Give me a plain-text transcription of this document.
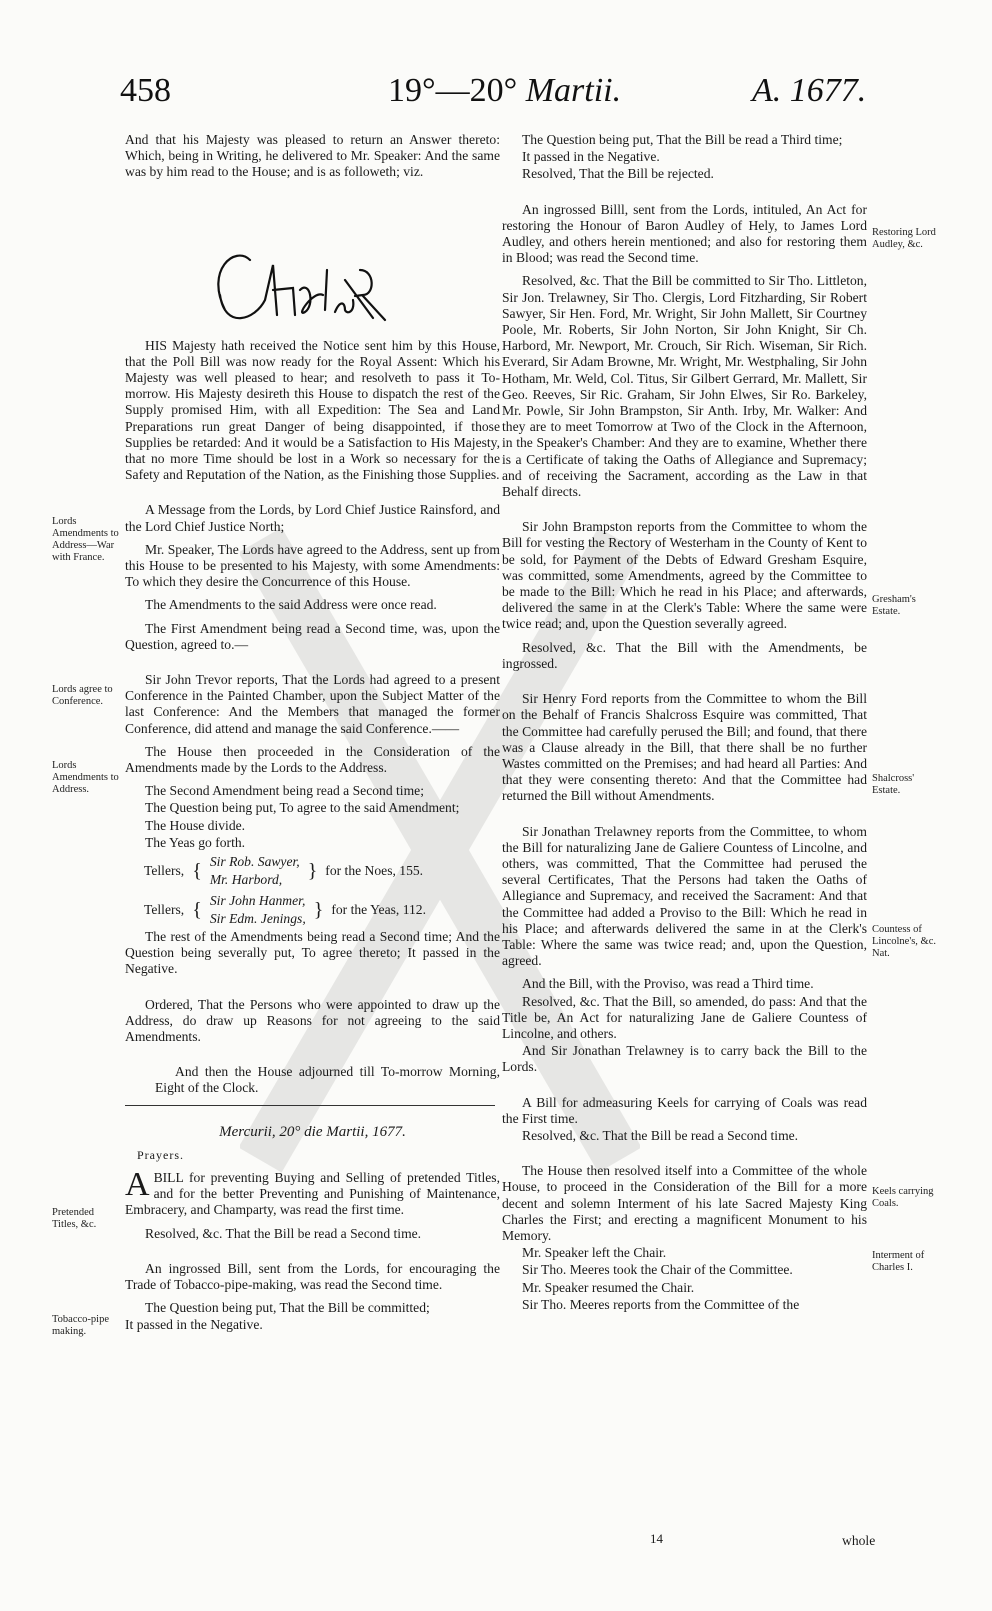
458	19°—20° Martii.	A. 1677.

And that his Majesty was pleased to return an Answer thereto: Which, being in Writing, he delivered to Mr. Speaker: And the same was by him read to the House; and is as followeth; viz.

HIS Majesty hath received the Notice sent him by this House, that the Poll Bill was now ready for the Royal Assent: Which his Majesty was well pleased to hear; and resolveth to pass it To-morrow. His Majesty desireth this House to dispatch the rest of the Supply promised Him, with all Expedition: The Sea and Land Preparations run great Danger of being disappointed, if those Supplies be retarded: And it would be a Satisfaction to His Majesty, that no more Time should be lost in a Work so necessary for the Safety and Reputation of the Nation, as the Finishing those Supplies.

A Message from the Lords, by Lord Chief Justice Rainsford, and the Lord Chief Justice North;

Mr. Speaker, The Lords have agreed to the Address, sent up from this House to be presented to his Majesty, with some Amendments: To which they desire the Concurrence of this House.

The Amendments to the said Address were once read.

The First Amendment being read a Second time, was, upon the Question, agreed to.—

Sir John Trevor reports, That the Lords had agreed to a present Conference in the Painted Chamber, upon the Subject Matter of the last Conference: And the Members that managed the former Conference, did attend and manage the said Conference.——

The House then proceeded in the Consideration of the Amendments made by the Lords to the Address.

The Second Amendment being read a Second time;

The Question being put, To agree to the said Amendment;

The House divide.

The Yeas go forth.

Tellers,	{	Sir Rob. Sawyer,	}	for the Noes, 155.
Mr. Harbord,
Tellers,	{	Sir John Hanmer,	}	for the Yeas, 112.
Sir Edm. Jenings,

The rest of the Amendments being read a Second time; And the Question being severally put, To agree thereto; It passed in the Negative.

Ordered, That the Persons who were appointed to draw up the Address, do draw up Reasons for not agreeing to the said Amendments.

And then the House adjourned till To-morrow Morning, Eight of the Clock.

Mercurii, 20° die Martii, 1677.

Prayers.

A BILL for preventing Buying and Selling of pretended Titles, and for the better Preventing and Punishing of Maintenance, Embracery, and Champarty, was read the first time.

Resolved, &c. That the Bill be read a Second time.

An ingrossed Bill, sent from the Lords, for encouraging the Trade of Tobacco-pipe-making, was read the Second time.

The Question being put, That the Bill be committed;

It passed in the Negative.

Lords Amendments to Address—War with France.
Lords agree to Conference.
Lords Amendments to Address.
Pretended Titles, &c.
Tobacco-pipe making.

The Question being put, That the Bill be read a Third time;

It passed in the Negative.

Resolved, That the Bill be rejected.

An ingrossed Billl, sent from the Lords, intituled, An Act for restoring the Honour of Baron Audley of Hely, to James Lord Audley, and others herein mentioned; and also for restoring them in Blood; was read the Second time.

Resolved, &c. That the Bill be committed to Sir Tho. Littleton, Sir Jon. Trelawney, Sir Tho. Clergis, Lord Fitzharding, Sir Robert Sawyer, Sir Hen. Ford, Mr. Wright, Sir John Mallett, Sir Courtney Poole, Mr. Roberts, Sir John Norton, Sir John Knight, Sir Ch. Harbord, Mr. Newport, Mr. Crouch, Sir Rich. Wiseman, Sir Rich. Everard, Sir Adam Browne, Mr. Wright, Mr. Westphaling, Sir John Hotham, Mr. Weld, Col. Titus, Sir Gilbert Gerrard, Mr. Mallett, Sir Geo. Reeves, Sir Ric. Graham, Sir John Elwes, Sir Ro. Barkeley, Mr. Powle, Sir John Brampston, Sir Anth. Irby, Mr. Walker: And they are to meet Tomorrow at Two of the Clock in the Afternoon, in the Speaker's Chamber: And they are to examine, Whether there is a Certificate of taking the Oaths of Allegiance and Supremacy; and of receiving the Sacrament, according as the Law in that Behalf directs.

Sir John Brampston reports from the Committee to whom the Bill for vesting the Rectory of Westerham in the County of Kent to be sold, for Payment of the Debts of Edward Gresham Esquire, was committed, some Amendments, agreed by the Committee to be made to the Bill: Which he read in his Place; and afterwards, delivered the same in at the Clerk's Table: Where the same were twice read; and, upon the Question severally agreed.

Resolved, &c. That the Bill with the Amendments, be ingrossed.

Sir Henry Ford reports from the Committee to whom the Bill on the Behalf of Francis Shalcross Esquire was committed, That the Committee had carefully perused the Bill; and found, that there was a Clause already in the Bill, that there shall be no further Wastes committed on the Premises; and had heard all Parties: And that they were consenting thereto: And that the Committee had returned the Bill without Amendments.

Sir Jonathan Trelawney reports from the Committee, to whom the Bill for naturalizing Jane de Galiere Countess of Lincolne, and others, was committed, That the Committee had perused the several Certificates, That the Persons had taken the Oaths of Allegiance and Supremacy, and received the Sacrament: And that the Committee had added a Proviso to the Bill: Which he read in his Place; and afterwards delivered the same in at the Clerk's Table: Where the same was twice read; and, upon the Question, agreed.

And the Bill, with the Proviso, was read a Third time.

Resolved, &c. That the Bill, so amended, do pass: And that the Title be, An Act for naturalizing Jane de Galiere Countess of Lincolne, and others.

And Sir Jonathan Trelawney is to carry back the Bill to the Lords.

A Bill for admeasuring Keels for carrying of Coals was read the First time.

Resolved, &c. That the Bill be read a Second time.

The House then resolved itself into a Committee of the whole House, to proceed in the Consideration of the Bill for a more decent and solemn Interment of his late Sacred Majesty King Charles the First; and erecting a magnificent Monument to his Memory.

Mr. Speaker left the Chair.

Sir Tho. Meeres took the Chair of the Committee.

Mr. Speaker resumed the Chair.

Sir Tho. Meeres reports from the Committee of the

Restoring Lord Audley, &c.
Gresham's Estate.
Shalcross' Estate.
Countess of Lincolne's, &c. Nat.
Keels carrying Coals.
Interment of Charles I.
14	whole
